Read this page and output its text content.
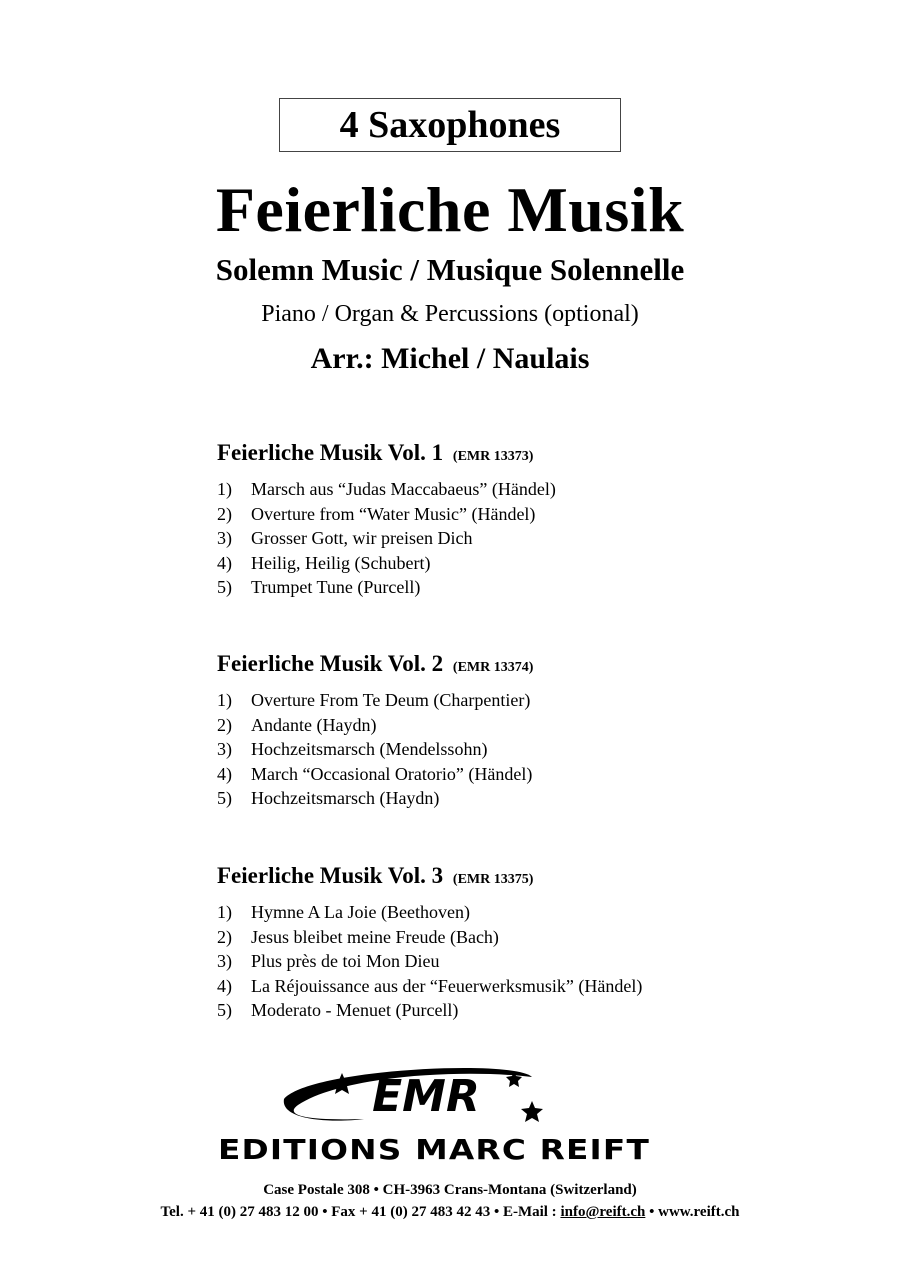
4 Saxophones
Feierliche Musik
Solemn Music / Musique Solennelle
Piano / Organ & Percussions (optional)
Arr.: Michel / Naulais
Feierliche Musik Vol. 1 (EMR 13373)
1)	Marsch aus “Judas Maccabaeus” (Händel)
2)	Overture from “Water Music” (Händel)
3)	Grosser Gott, wir preisen Dich
4)	Heilig, Heilig (Schubert)
5)	Trumpet Tune (Purcell)
Feierliche Musik Vol. 2 (EMR 13374)
1)	Overture From Te Deum (Charpentier)
2)	Andante (Haydn)
3)	Hochzeitsmarsch (Mendelssohn)
4)	March “Occasional Oratorio” (Händel)
5)	Hochzeitsmarsch (Haydn)
Feierliche Musik Vol. 3 (EMR 13375)
1)	Hymne A La Joie (Beethoven)
2)	Jesus bleibet meine Freude (Bach)
3)	Plus près de toi Mon Dieu
4)	La Réjouissance aus der “Feuerwerksmusik” (Händel)
5)	Moderato - Menuet (Purcell)
EMR
EDITIONS MARC REIFT
Case Postale 308 • CH-3963 Crans-Montana (Switzerland)
Tel. + 41 (0) 27 483 12 00 • Fax + 41 (0) 27 483 42 43 • E-Mail : info@reift.ch • www.reift.ch
